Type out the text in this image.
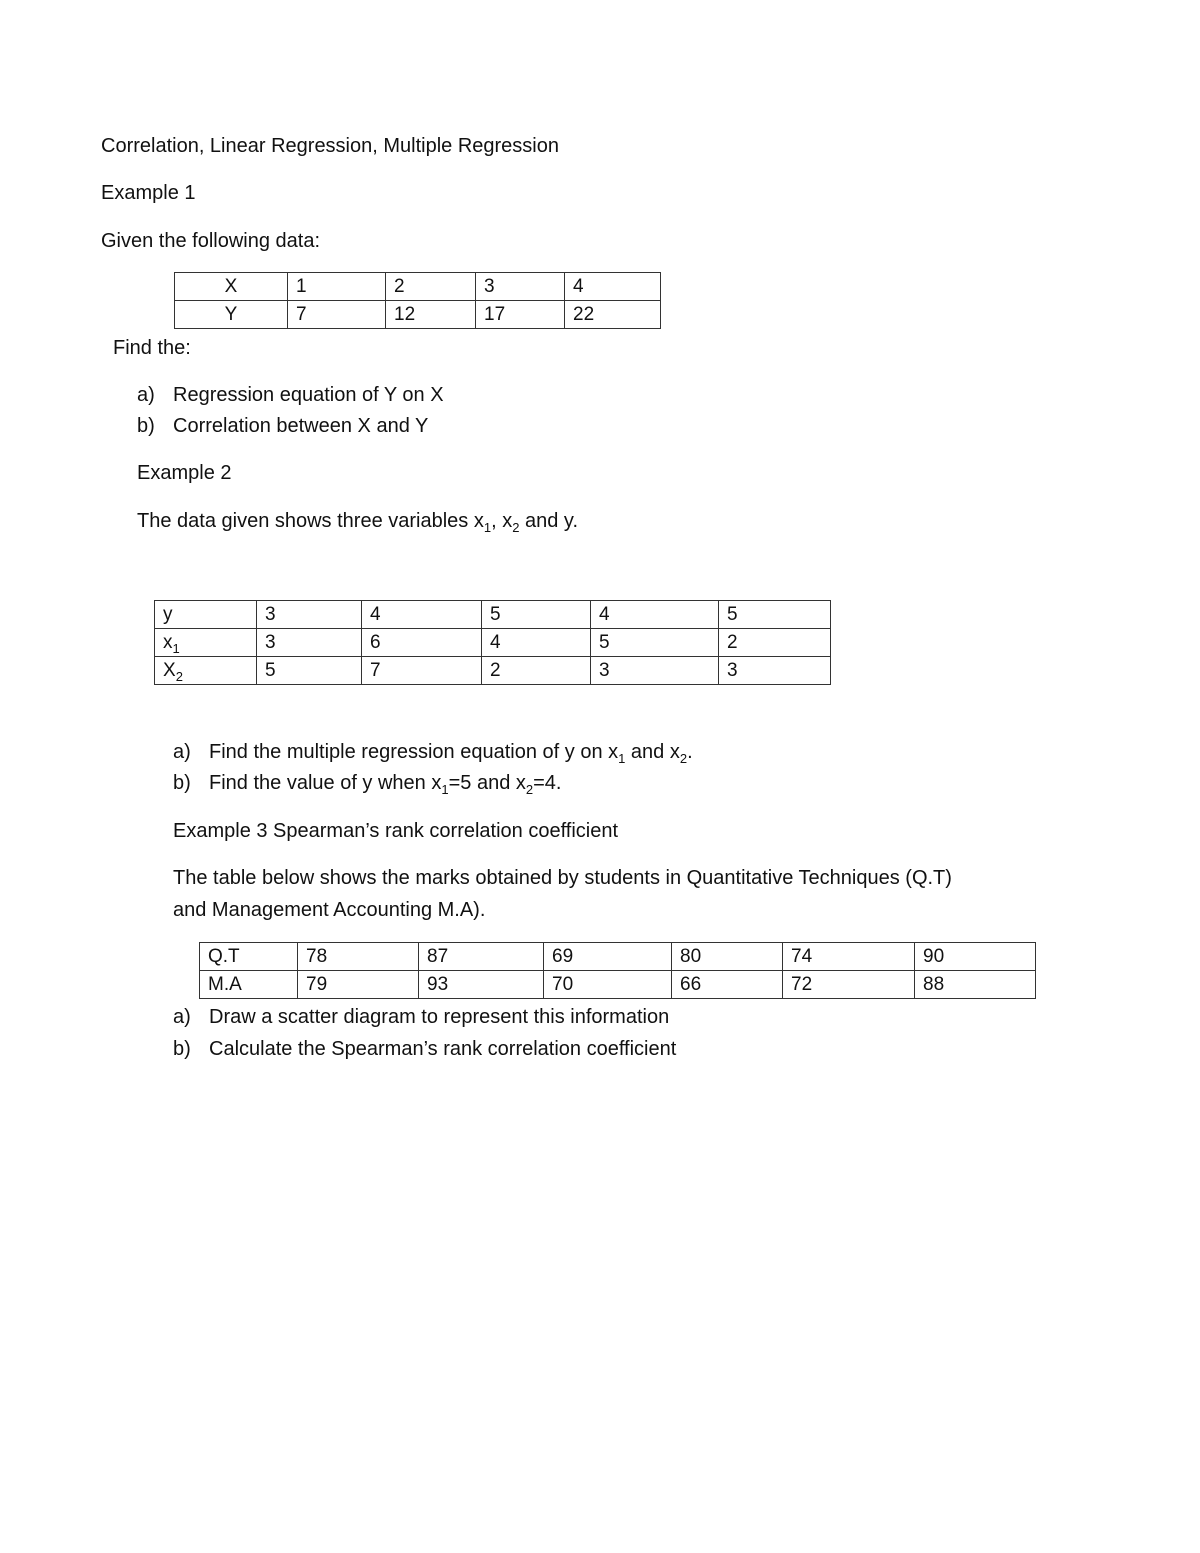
Correlation, Linear Regression, Multiple Regression
Example 1
Given the following data:
X	1	2	3	4
Y	7	12	17	22
Find the:
a) Regression equation of Y on X
b) Correlation between X and Y
Example 2
The data given shows three variables $x_1$, $x_2$ and y.
y	3	4	5	4	5
$x_1$	3	6	4	5	2
$X_2$	5	7	2	3	3
a) Find the multiple regression equation of y on $x_1$ and $x_2$.
b) Find the value of y when $x_1=5$ and $x_2=4$.
Example 3 Spearman’s rank correlation coefficient
The table below shows the marks obtained by students in Quantitative Techniques (Q.T)
and Management Accounting M.A).
Q.T	78	87	69	80	74	90
M.A	79	93	70	66	72	88
a) Draw a scatter diagram to represent this information
b) Calculate the Spearman’s rank correlation coefficient
